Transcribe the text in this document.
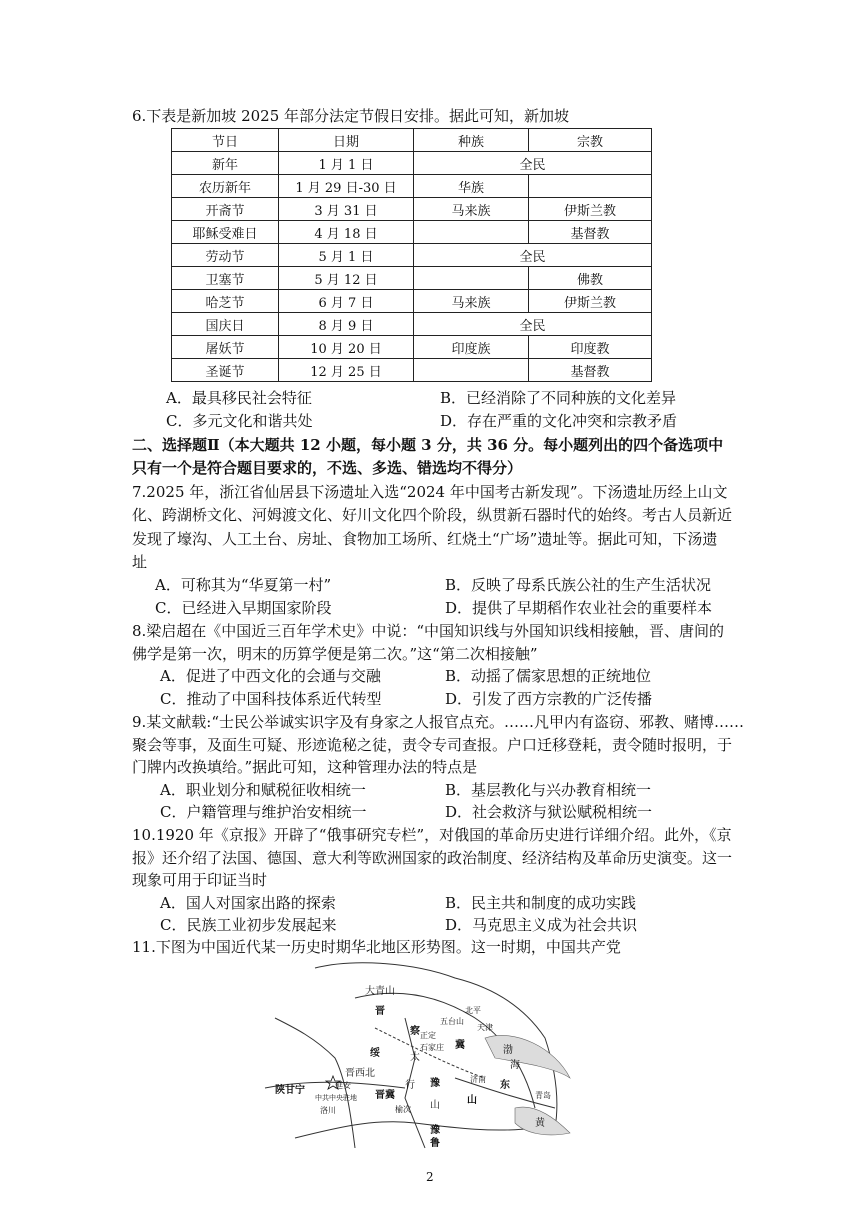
6.下表是新加坡 2025 年部分法定节假日安排。据此可知，新加坡
节日	日期	种族	宗教
新年	1 月 1 日	全民	
农历新年	1 月 29 日-30 日	华族	
开斋节	3 月 31 日	马来族	伊斯兰教
耶稣受难日	4 月 18 日		基督教
劳动节	5 月 1 日	全民	
卫塞节	5 月 12 日		佛教
哈芝节	6 月 7 日	马来族	伊斯兰教
国庆日	8 月 9 日	全民	
屠妖节	10 月 20 日	印度族	印度教
圣诞节	12 月 25 日		基督教
A．最具移民社会特征	B．已经消除了不同种族的文化差异
C．多元文化和谐共处	D．存在严重的文化冲突和宗教矛盾
二、选择题Ⅱ（本大题共 12 小题，每小题 3 分，共 36 分。每小题列出的四个备选项中
只有一个是符合题目要求的，不选、多选、错选均不得分）
7.2025 年，浙江省仙居县下汤遗址入选“2024 年中国考古新发现”。下汤遗址历经上山文
化、跨湖桥文化、河姆渡文化、好川文化四个阶段，纵贯新石器时代的始终。考古人员新近
发现了壕沟、人工土台、房址、食物加工场所、红烧土“广场”遗址等。据此可知，下汤遗
址
A．可称其为“华夏第一村”	B．反映了母系氏族公社的生产生活状况
C．已经进入早期国家阶段	D．提供了早期稻作农业社会的重要样本
8.梁启超在《中国近三百年学术史》中说：“中国知识线与外国知识线相接触，晋、唐间的
佛学是第一次，明末的历算学便是第二次。”这“第二次相接触”
A．促进了中西文化的会通与交融	B．动摇了儒家思想的正统地位
C．推动了中国科技体系近代转型	D．引发了西方宗教的广泛传播
9.某文献载:“士民公举诚实识字及有身家之人报官点充。……凡甲内有盗窃、邪教、赌博……
聚会等事，及面生可疑、形迹诡秘之徒，责令专司查报。户口迁移登耗，责令随时报明，于
门牌内改换填给。”据此可知，这种管理办法的特点是
A．职业划分和赋税征收相统一	B．基层教化与兴办教育相统一
C．户籍管理与维护治安相统一	D．社会救济与狱讼赋税相统一
10.1920 年《京报》开辟了“俄事研究专栏”，对俄国的革命历史进行详细介绍。此外，《京
报》还介绍了法国、德国、意大利等欧洲国家的政治制度、经济结构及革命历史演变。这一
现象可用于印证当时
A．国人对国家出路的探索	B．民主共和制度的成功实践
C．民族工业初步发展起来	D．马克思主义成为社会共识
11.下图为中国近代某一历史时期华北地区形势图。这一时期，中国共产党
大青山
晋
察
冀
绥
晋西北
太
行
晋冀
豫
陕甘宁	延安
中共中央驻地
洛川	榆次
正定
石家庄
北平
天津
五台山
济南
青岛
山	山
东
豫
鲁
渤
海
黄
2
